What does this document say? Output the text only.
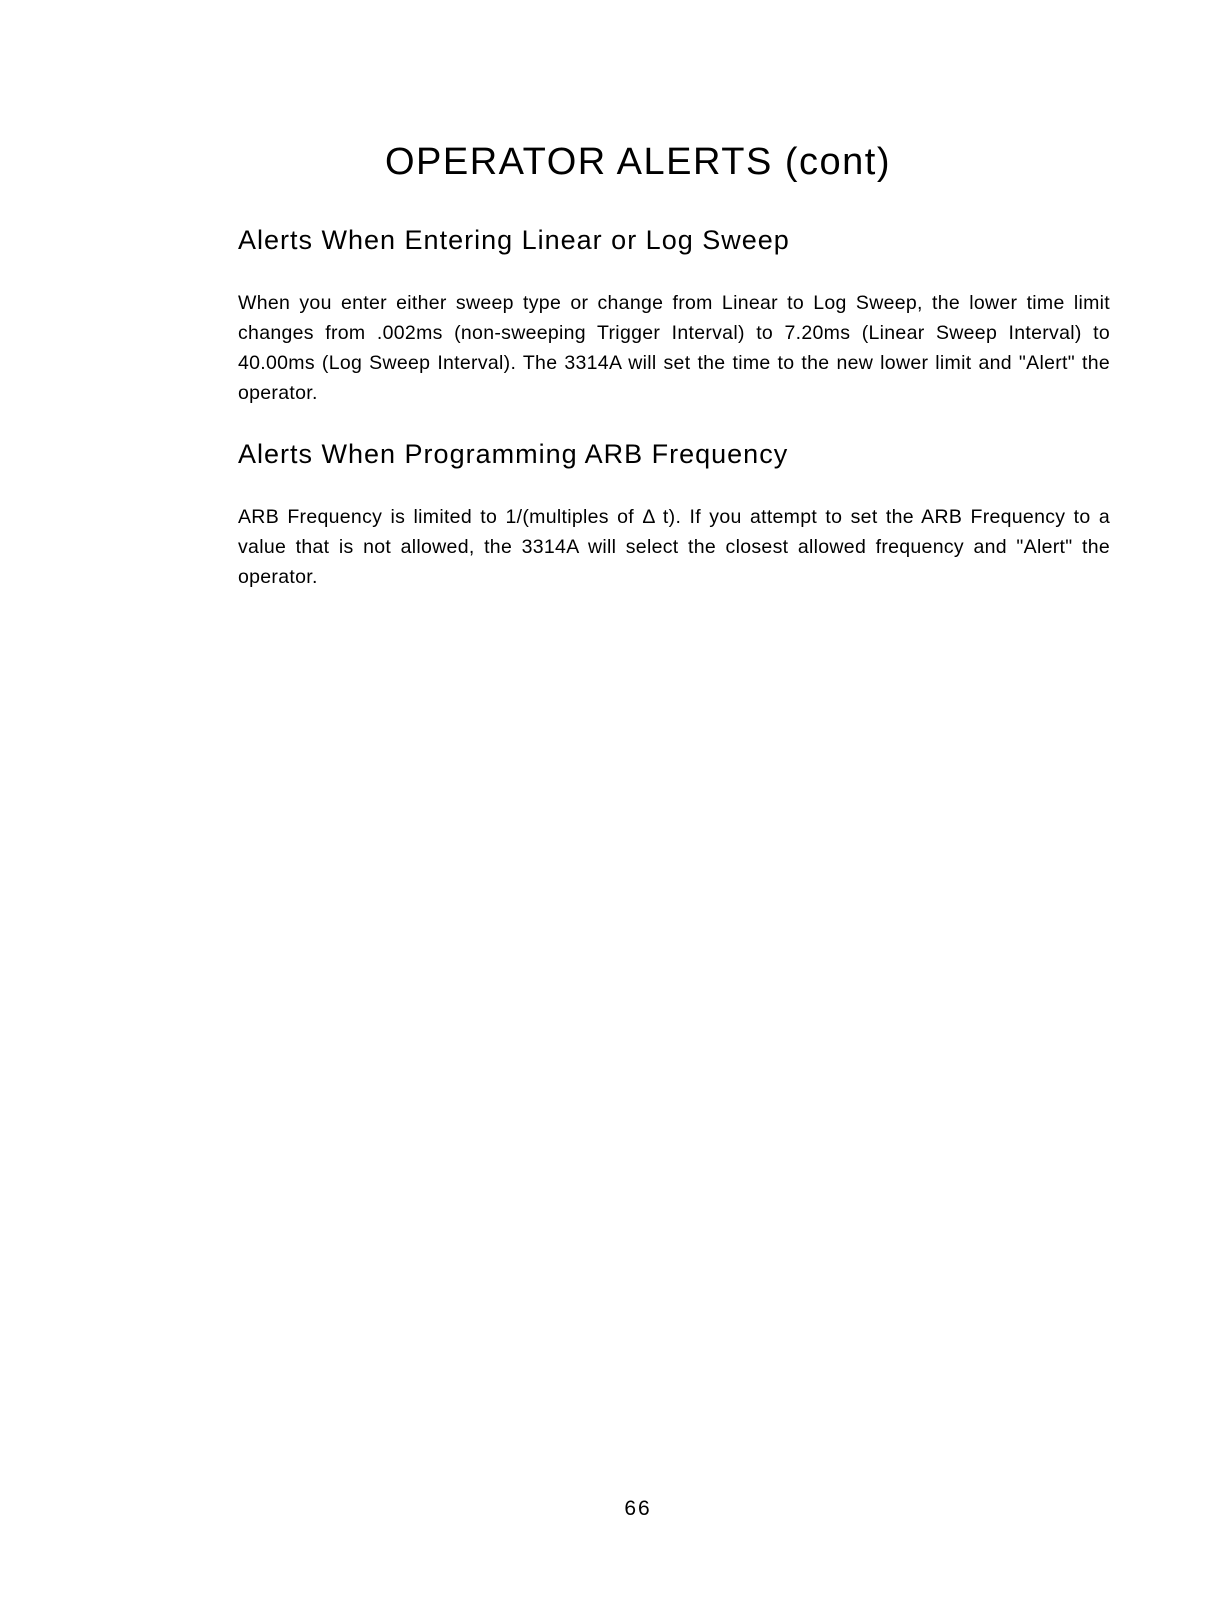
OPERATOR ALERTS (cont)
Alerts When Entering Linear or Log Sweep
When you enter either sweep type or change from Linear to Log Sweep, the lower time limit changes from .002ms (non-sweeping Trigger Interval) to 7.20ms (Linear Sweep Interval) to 40.00ms (Log Sweep Interval). The 3314A will set the time to the new lower limit and "Alert" the operator.
Alerts When Programming ARB Frequency
ARB Frequency is limited to 1/(multiples of Δ t). If you attempt to set the ARB Frequency to a value that is not allowed, the 3314A will select the closest allowed frequency and "Alert" the operator.
66
